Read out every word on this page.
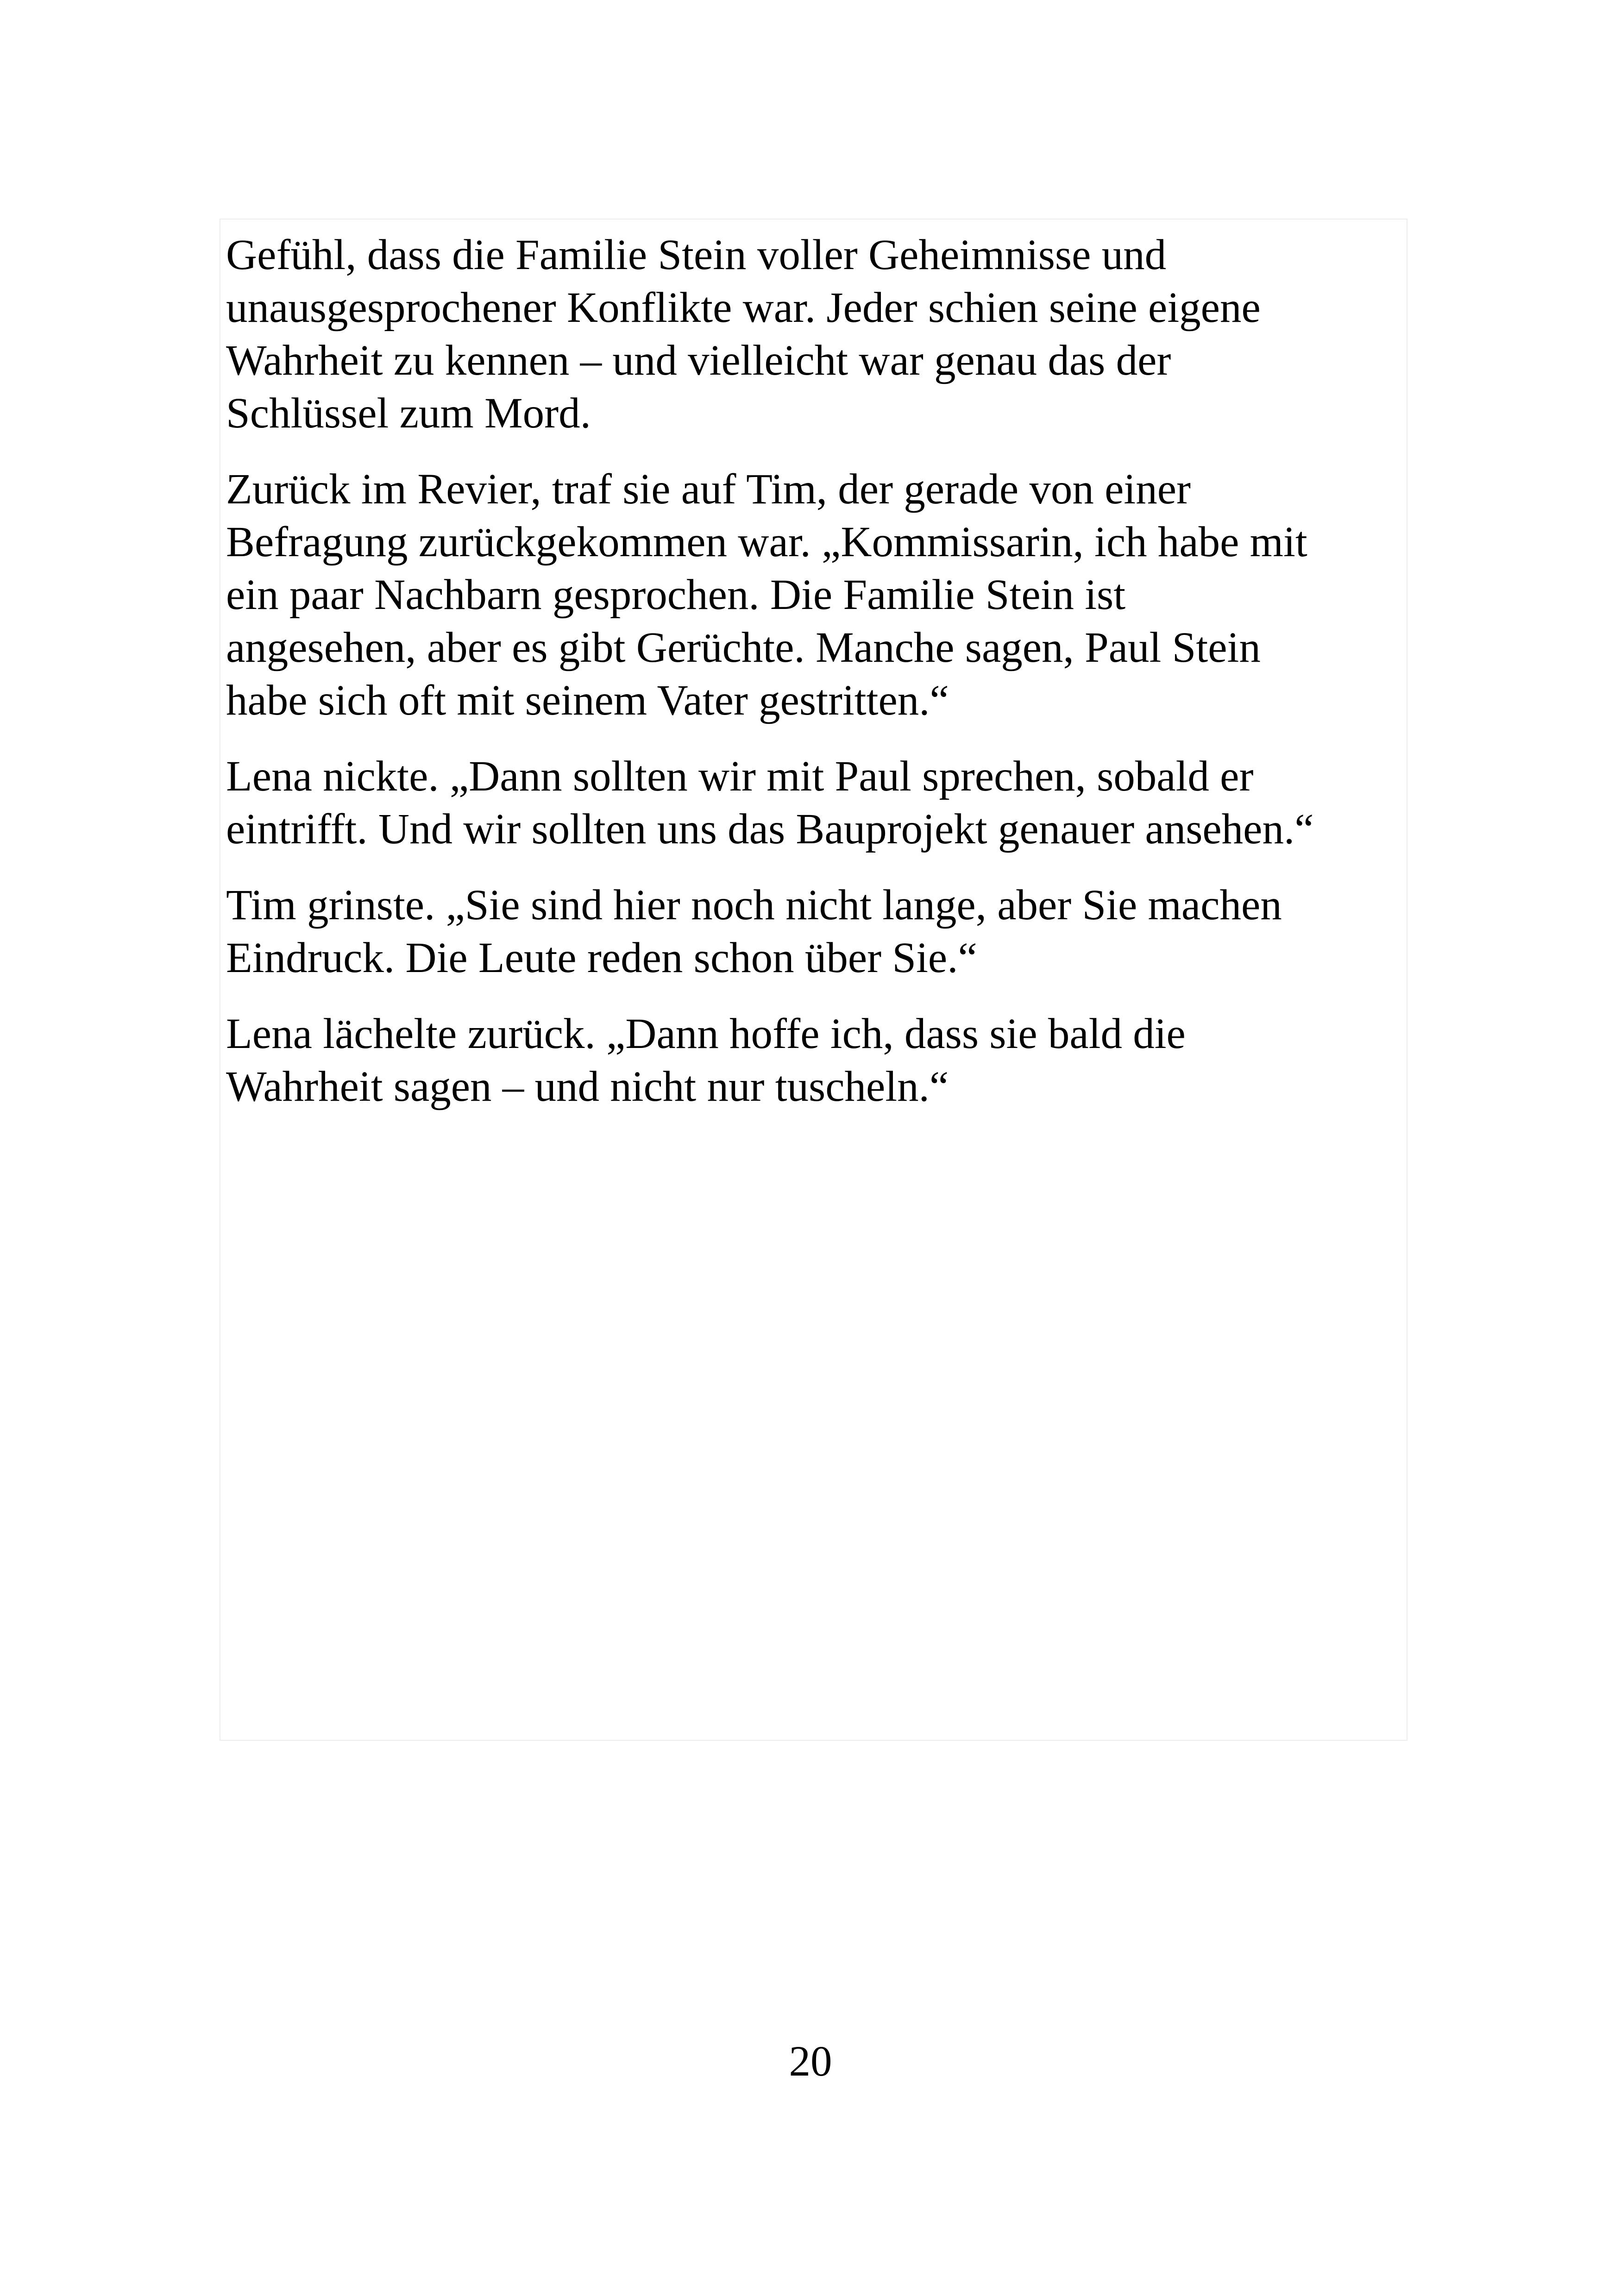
Gefühl, dass die Familie Stein voller Geheimnisse und
unausgesprochener Konflikte war. Jeder schien seine eigene
Wahrheit zu kennen – und vielleicht war genau das der
Schlüssel zum Mord.

Zurück im Revier, traf sie auf Tim, der gerade von einer
Befragung zurückgekommen war. „Kommissarin, ich habe mit
ein paar Nachbarn gesprochen. Die Familie Stein ist
angesehen, aber es gibt Gerüchte. Manche sagen, Paul Stein
habe sich oft mit seinem Vater gestritten.“

Lena nickte. „Dann sollten wir mit Paul sprechen, sobald er
eintrifft. Und wir sollten uns das Bauprojekt genauer ansehen.“

Tim grinste. „Sie sind hier noch nicht lange, aber Sie machen
Eindruck. Die Leute reden schon über Sie.“

Lena lächelte zurück. „Dann hoffe ich, dass sie bald die
Wahrheit sagen – und nicht nur tuscheln.“

20
